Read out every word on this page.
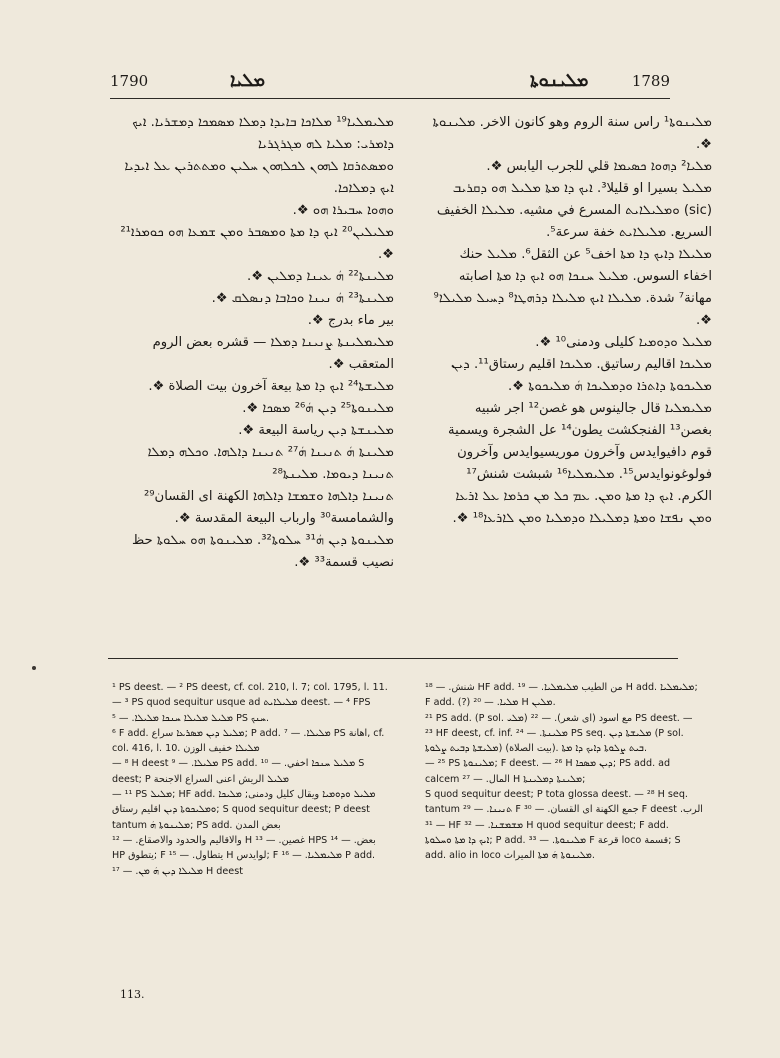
1790	ܡܠܝܐ	ܡܠܝܢܘܬܐ	1789

ܡܠܝܡܠܝܐ¹⁹ ܡܠܐܟܐ ܒܐܝܕܐ ܕܡܠܐ ܡܣܡܟܐ ܕܡܫܪܝܐ. ܐܝܟ ܕܐܡܪܝ: ܡܠܝܐ ܠܗ ܡܓܪܓܪܝܐ

ܘܡܣܬܪܩܐ ܠܗܘܢ ܠܟܠܗܘܢ ܚܠܝܢ ܘܡܬܬܪܝܢ ܥܠ ܐܝܕܝܐ ܐܝܟ ܕܡܠܐܟܐ.

ܘܗܘܐ ܚܒܝܪܐ ܗܘ ❖.

ܡܠܝܠܝܢ²⁰ ܐܝܟ ܕܐ ܡܬܐ ܘܡܣܒܪ ܘܡܢ ܫܡܥܐ ܗܘ ܟܘܡܪܐ²¹ ❖.

ܡܠܝܢܬܐ²² ܗܿ ܥܝܢܐ ܕܡܠܝܢ ❖.

ܡܠܝܢܬܐ²³ ܗܿ ܢܝܢܐ ܘܟܐܒܐ ܕܢܣܠܩ ❖.

بير ماء بدرج ❖.

ܡܠܝܡܠܝܢܬܐ ܨܢܝܢܐ ܕܡܠܐ — قشره بعض الروم المتعقب ❖.

ܡܠܝܫܬܐ²⁴ ܐܝܟ ܕܐ ܡܬܐ بيعة آخرون بيت الصلاة ❖.

ܡܠܝܢܘܬܐ²⁵ ܕܝܢ ܗܿ²⁶ ܡܣܟܐ ❖.

ܡܠܝܢܫܬܐ ܕܝܢ رياسة البيعة ❖.

ܡܠܝܢܬܐ ܗܿ ܬܢܝܢܐ ܗܿ²⁷ ܬܢܝܢܐ ܕܐܠܗܐ. ܘܟܠܗ ܕܡܠܐ ܬܢܝܢܐ ܕܝܘܡܐ. ܡܠܝܢܬܐ²⁸

ܬܢܝܢܐ ܕܐܠܗܐ ܘܫܡܫܐ ܕܐܠܗܐ الكهنة اى القسان²⁹ والشمامسة³⁰ وارباب البيعة المقدسة ❖.

ܡܠܝܢܘܬܐ ܕܝܢ ܗܿ³¹ ܚܠܘܬܐ³². ܡܠܝܢܘܬܐ ܗܘ ܚܠܘܬܐ حظ نصيب قسمة³³ ❖.

ܡܠܝܢܘܬܐ¹ راس سنة الروم وهو كانون الاخر. ܡܠܝܢܘܬܐ ❖.

ܡܠܝܐ² ܕܗܘܐ ܟܣܝܡܐ قلي للجرب اليابس ❖.

ܡܠܝܠ بسيرا او قليلا³. ܐܝܟ ܕܐ ܡܬܐ ܡܠܝܠ ܗܘ ܕܩܪܝܒ (sic) ܘܡܠܝܠܐܝܬ المسرع في مشيه. ܡܠܝܠܐ الخفيف السريع. ܡܠܝܠܐܝܬ خفة سرعة⁵.

ܡܠܝܠܐ ܕܐܝܟ ܕܐ ܡܬܐ اخف⁵ عن الثقل⁶. ܡܠܝܠ حنك اخفاء السوس. ܡܠܝܠ ܚܢܟܐ ܗܘ ܐܝܟ ܕܐ ܡܬܐ اصابته مهانة⁷ شدة. ܡܠܝܠܐ ܐܝܟ ܡܠܝܠܐ ܕܪܗܛܐ⁸ ܕܚܝܠ ܡܠܝܠܐ⁹ ❖.

ܡܠܝܠ ܘܕܘܡܝܐ كليلى ودمنى¹⁰ ❖.

ܡܠܝܟܐ اقاليم رساتيق. ܡܠܝܟܐ اقليم رستاق¹¹. ܕܝܢ ܡܠܝܟܘܬܐ ܕܐܬܪܐ ܘܕܡܠܝܟܐ ܗܿ ܡܠܝܟܘܬܐ ❖.

ܡܠܝܡܠܝܐ قال جالينوس هو غصن¹² اجر شبيه بغصن¹³ الفنجكشت يطون¹⁴ عل الشجرة ويسمية قوم دافيوايدس وآخرون موريسيوايدس وآخرون فولوغونوايدس¹⁵. ܡܠܝܡܠܝܐ¹⁶ شبشت شنش¹⁷ الكرم. ܐܝܟ ܕܐ ܡܬܐ ܘܡܢ. ܥܡ ܟܠ ܡܢ ܟܪܡܐ ܥܠ ܐܪܥܐ ܘܡܢ ܢܦܫܐ ܘܡܬܐ ܕܡܠܝܠܐ ܘܕܡܠܝܐ ܘܡܢ ܠܐܪܥܐ¹⁸ ❖.

¹ PS deest. — ² PS deest, cf. col. 210, l. 7; col. 1795, l. 11. — ³ PS quod sequitur usque ad ܡܠܝܠܐܝܬ deest. — ⁴ FPS ܡܠܝܠ ܡܠܝܠܐ ܚܢܟܐ ܡܠܝܠܐ. — ⁵ PS ܚܢܟ.

⁶ F add. ܡܠܝܠ ܕܝܢ ܡܣܪܥܐ سراع; P add. ܡܠܝܠܐ. — ⁷ PS اهانة, cf. col. 416, l. 10. ܡܠܝܠܐ خفيف الوزن

— ⁸ H deest ܡܠܝܠܐ. — ⁹ PS add. ܡܠܝܠ ܚܢܟܐ اخفي. — ¹⁰ S deest; P ܡܠܝܠ الريش اعنى السراع الاجنحة

— ¹¹ PS ܡܠܝܠ; HF add. ܡܠܝܠ ܘܕܘܡܝܐ ويقال كليل ودمنى; ܡܠܝܟܐ ܘܡܠܝܟܘܬܐ ܕܝܢ اقليم رستاق; S quod sequitur deest; P deest tantum ܡܠܝܢܘܬܐ ܗܿ; PS add. بعض المدن

والاقاليم والحدود والاصقاع. — ¹² H غصين. — ¹³ HPS بعض. — ¹⁴ HP يتطوق; F يتطاول. — ¹⁵ H لوايدس; F ܡܠܝܡܠܝܐ. — ¹⁶ P add. ܡܠܝܠܐ ܕܝܢ ܗܿ ܡܢ. — ¹⁷ H deest

شنش. — ¹⁸ HF add. من الطيب ܡܠܝܡܠܝܐ. — ¹⁹ H add. ܡܠܝܡܠܝܐ; F add. (?) ܡܠܝܐ. — ²⁰ H ܡܠܝܢ.

²¹ PS add. (P sol. ܡܠܝ) مع اسود (اى شعر). — ²² PS deest. — ²³ HF deest, cf. inf. ܡܠܝܢܬܐ. — ²⁴ PS seq. ܡܠܝܫܬܐ ܕܝܢ (P sol. ܡܠܝܫܬܐ ܕܒܝܬ ܨܠܘܬܐ) (بيت الصلاة). ܒܝܬ ܨܠܘܬܐ ܕܐܝܟ ܕܐ ܡܬܐ.

— ²⁵ PS ܡܠܝܢܘܬܐ; F deest. — ²⁶ H ܕܝܢ ܡܣܟܐ; PS add. ad calcem المال. — ²⁷ H ܡܠܝܢܬܐ ܕܡܠܝܢܬܐ;

S quod sequitur deest; P tota glossa deest. — ²⁸ H seq. tantum ܬܢܝܢܐ. — ²⁹ F جمع الكهنة اى القسان. — ³⁰ F deest الرب. — ³¹ HF ܡܫܡܫܢܐ. — ³² H quod sequitur deest; F add.

ܐܝܟ ܕܐ ܡܬܐ ܘܚܠܘܬܐ; P add. ܡܠܝܢܘܬܐ. — ³³ F قرعة loco قسمة; S add. alio in loco ܡܠܝܢܘܬܐ ܗܿ ܡܬܐ الميراث.

113.
